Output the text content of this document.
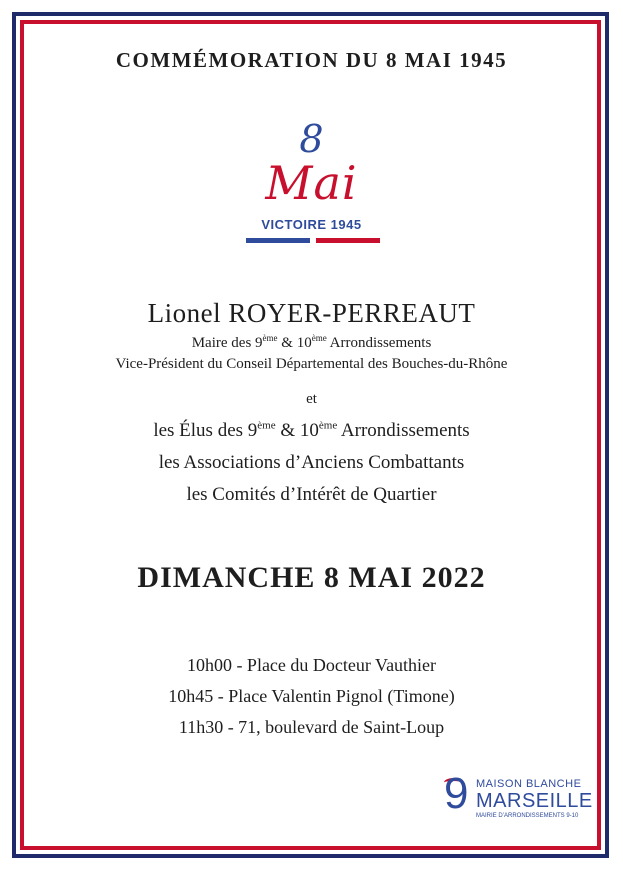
COMMÉMORATION DU 8 MAI 1945
8
Mai
VICTOIRE 1945
Lionel ROYER-PERREAUT
Maire des 9ème & 10ème Arrondissements
Vice-Président du Conseil Départemental des Bouches-du-Rhône
et
les Élus des 9ème & 10ème Arrondissements
les Associations d’Anciens Combattants
les Comités d’Intérêt de Quartier
DIMANCHE 8 MAI 2022
10h00 - Place du Docteur Vauthier
10h45 - Place Valentin Pignol (Timone)
11h30 - 71, boulevard de Saint-Loup
9 MAISON BLANCHE
MARSEILLE
MAIRIE D’ARRONDISSEMENTS 9-10
